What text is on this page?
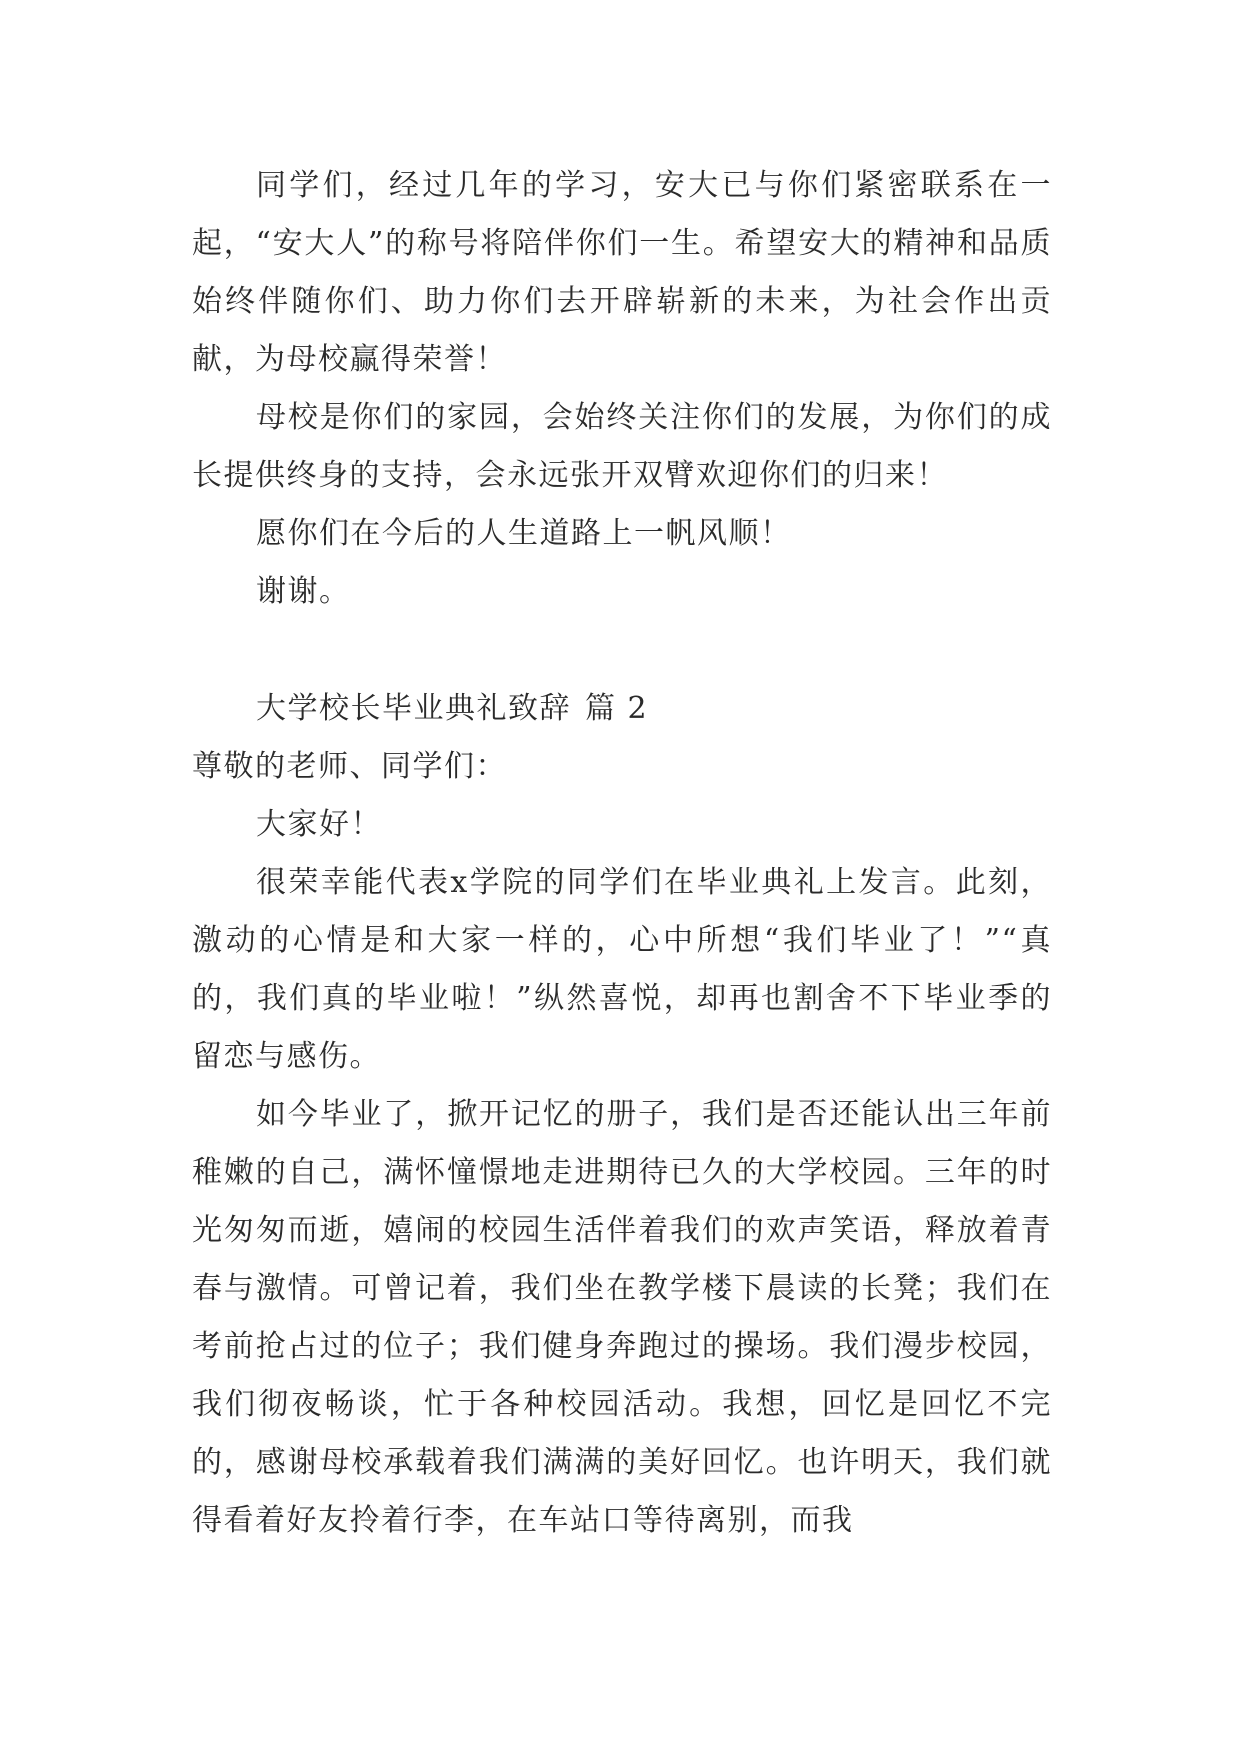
同学们，经过几年的学习，安大已与你们紧密联系在一起，“安大人”的称号将陪伴你们一生。希望安大的精神和品质始终伴随你们、助力你们去开辟崭新的未来，为社会作出贡献，为母校赢得荣誉！

母校是你们的家园，会始终关注你们的发展，为你们的成长提供终身的支持，会永远张开双臂欢迎你们的归来！

愿你们在今后的人生道路上一帆风顺！

谢谢。

大学校长毕业典礼致辞 篇 2

尊敬的老师、同学们：

大家好！

很荣幸能代表x学院的同学们在毕业典礼上发言。此刻，激动的心情是和大家一样的，心中所想“我们毕业了！”“真的，我们真的毕业啦！”纵然喜悦，却再也割舍不下毕业季的留恋与感伤。

如今毕业了，掀开记忆的册子，我们是否还能认出三年前稚嫩的自己，满怀憧憬地走进期待已久的大学校园。三年的时光匆匆而逝，嬉闹的校园生活伴着我们的欢声笑语，释放着青春与激情。可曾记着，我们坐在教学楼下晨读的长凳；我们在考前抢占过的位子；我们健身奔跑过的操场。我们漫步校园，我们彻夜畅谈，忙于各种校园活动。我想，回忆是回忆不完的，感谢母校承载着我们满满的美好回忆。也许明天，我们就得看着好友拎着行李，在车站口等待离别，而我
